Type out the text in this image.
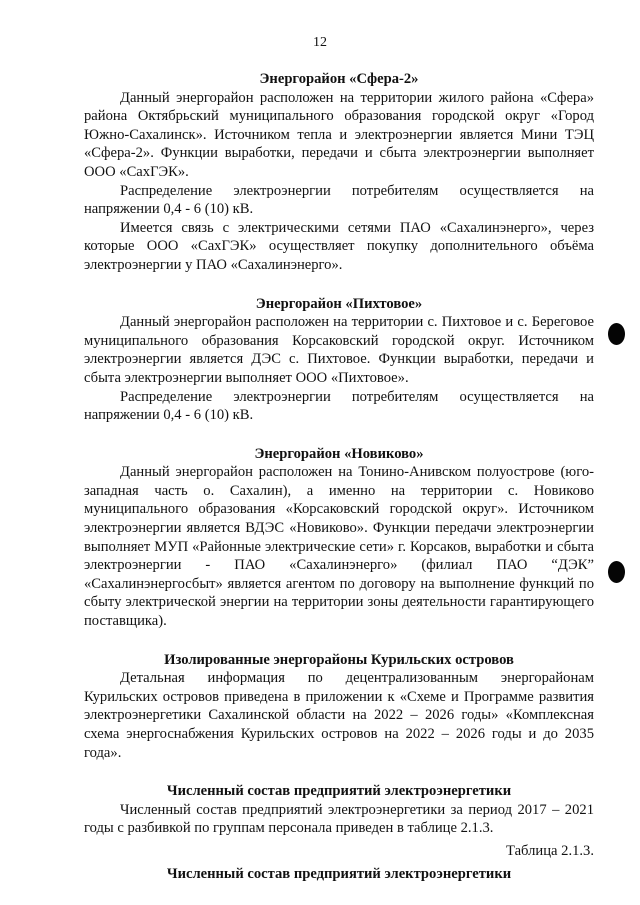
12
Энергорайон «Сфера-2»

Данный энергорайон расположен на территории жилого района «Сфера» района Октябрьский муниципального образования городской округ «Город Южно-Сахалинск». Источником тепла и электроэнергии является Мини ТЭЦ «Сфера-2». Функции выработки, передачи и сбыта электроэнергии выполняет ООО «СахГЭК».

Распределение электроэнергии потребителям осуществляется на напряжении 0,4 - 6 (10) кВ.

Имеется связь с электрическими сетями ПАО «Сахалинэнерго», через которые ООО «СахГЭК» осуществляет покупку дополнительного объёма электроэнергии у ПАО «Сахалинэнерго».

Энергорайон «Пихтовое»

Данный энергорайон расположен на территории с. Пихтовое и с. Береговое муниципального образования Корсаковский городской округ. Источником электроэнергии является ДЭС с. Пихтовое. Функции выработки, передачи и сбыта электроэнергии выполняет ООО «Пихтовое».

Распределение электроэнергии потребителям осуществляется на напряжении 0,4 - 6 (10) кВ.

Энергорайон «Новиково»

Данный энергорайон расположен на Тонино-Анивском полуострове (юго-западная часть о. Сахалин), а именно на территории с. Новиково муниципального образования «Корсаковский городской округ». Источником электроэнергии является ВДЭС «Новиково». Функции передачи электроэнергии выполняет МУП «Районные электрические сети» г. Корсаков, выработки и сбыта электроэнергии - ПАО «Сахалинэнерго» (филиал ПАО “ДЭК” «Сахалинэнергосбыт» является агентом по договору на выполнение функций по сбыту электрической энергии на территории зоны деятельности гарантирующего поставщика).

Изолированные энергорайоны Курильских островов

Детальная информация по децентрализованным энергорайонам Курильских островов приведена в приложении к «Схеме и Программе развития электроэнергетики Сахалинской области на 2022 – 2026 годы» «Комплексная схема энергоснабжения Курильских островов на 2022 – 2026 годы и до 2035 года».

Численный состав предприятий электроэнергетики

Численный состав предприятий электроэнергетики за период 2017 – 2021 годы с разбивкой по группам персонала приведен в таблице 2.1.3.

Таблица 2.1.3.

Численный состав предприятий электроэнергетики
